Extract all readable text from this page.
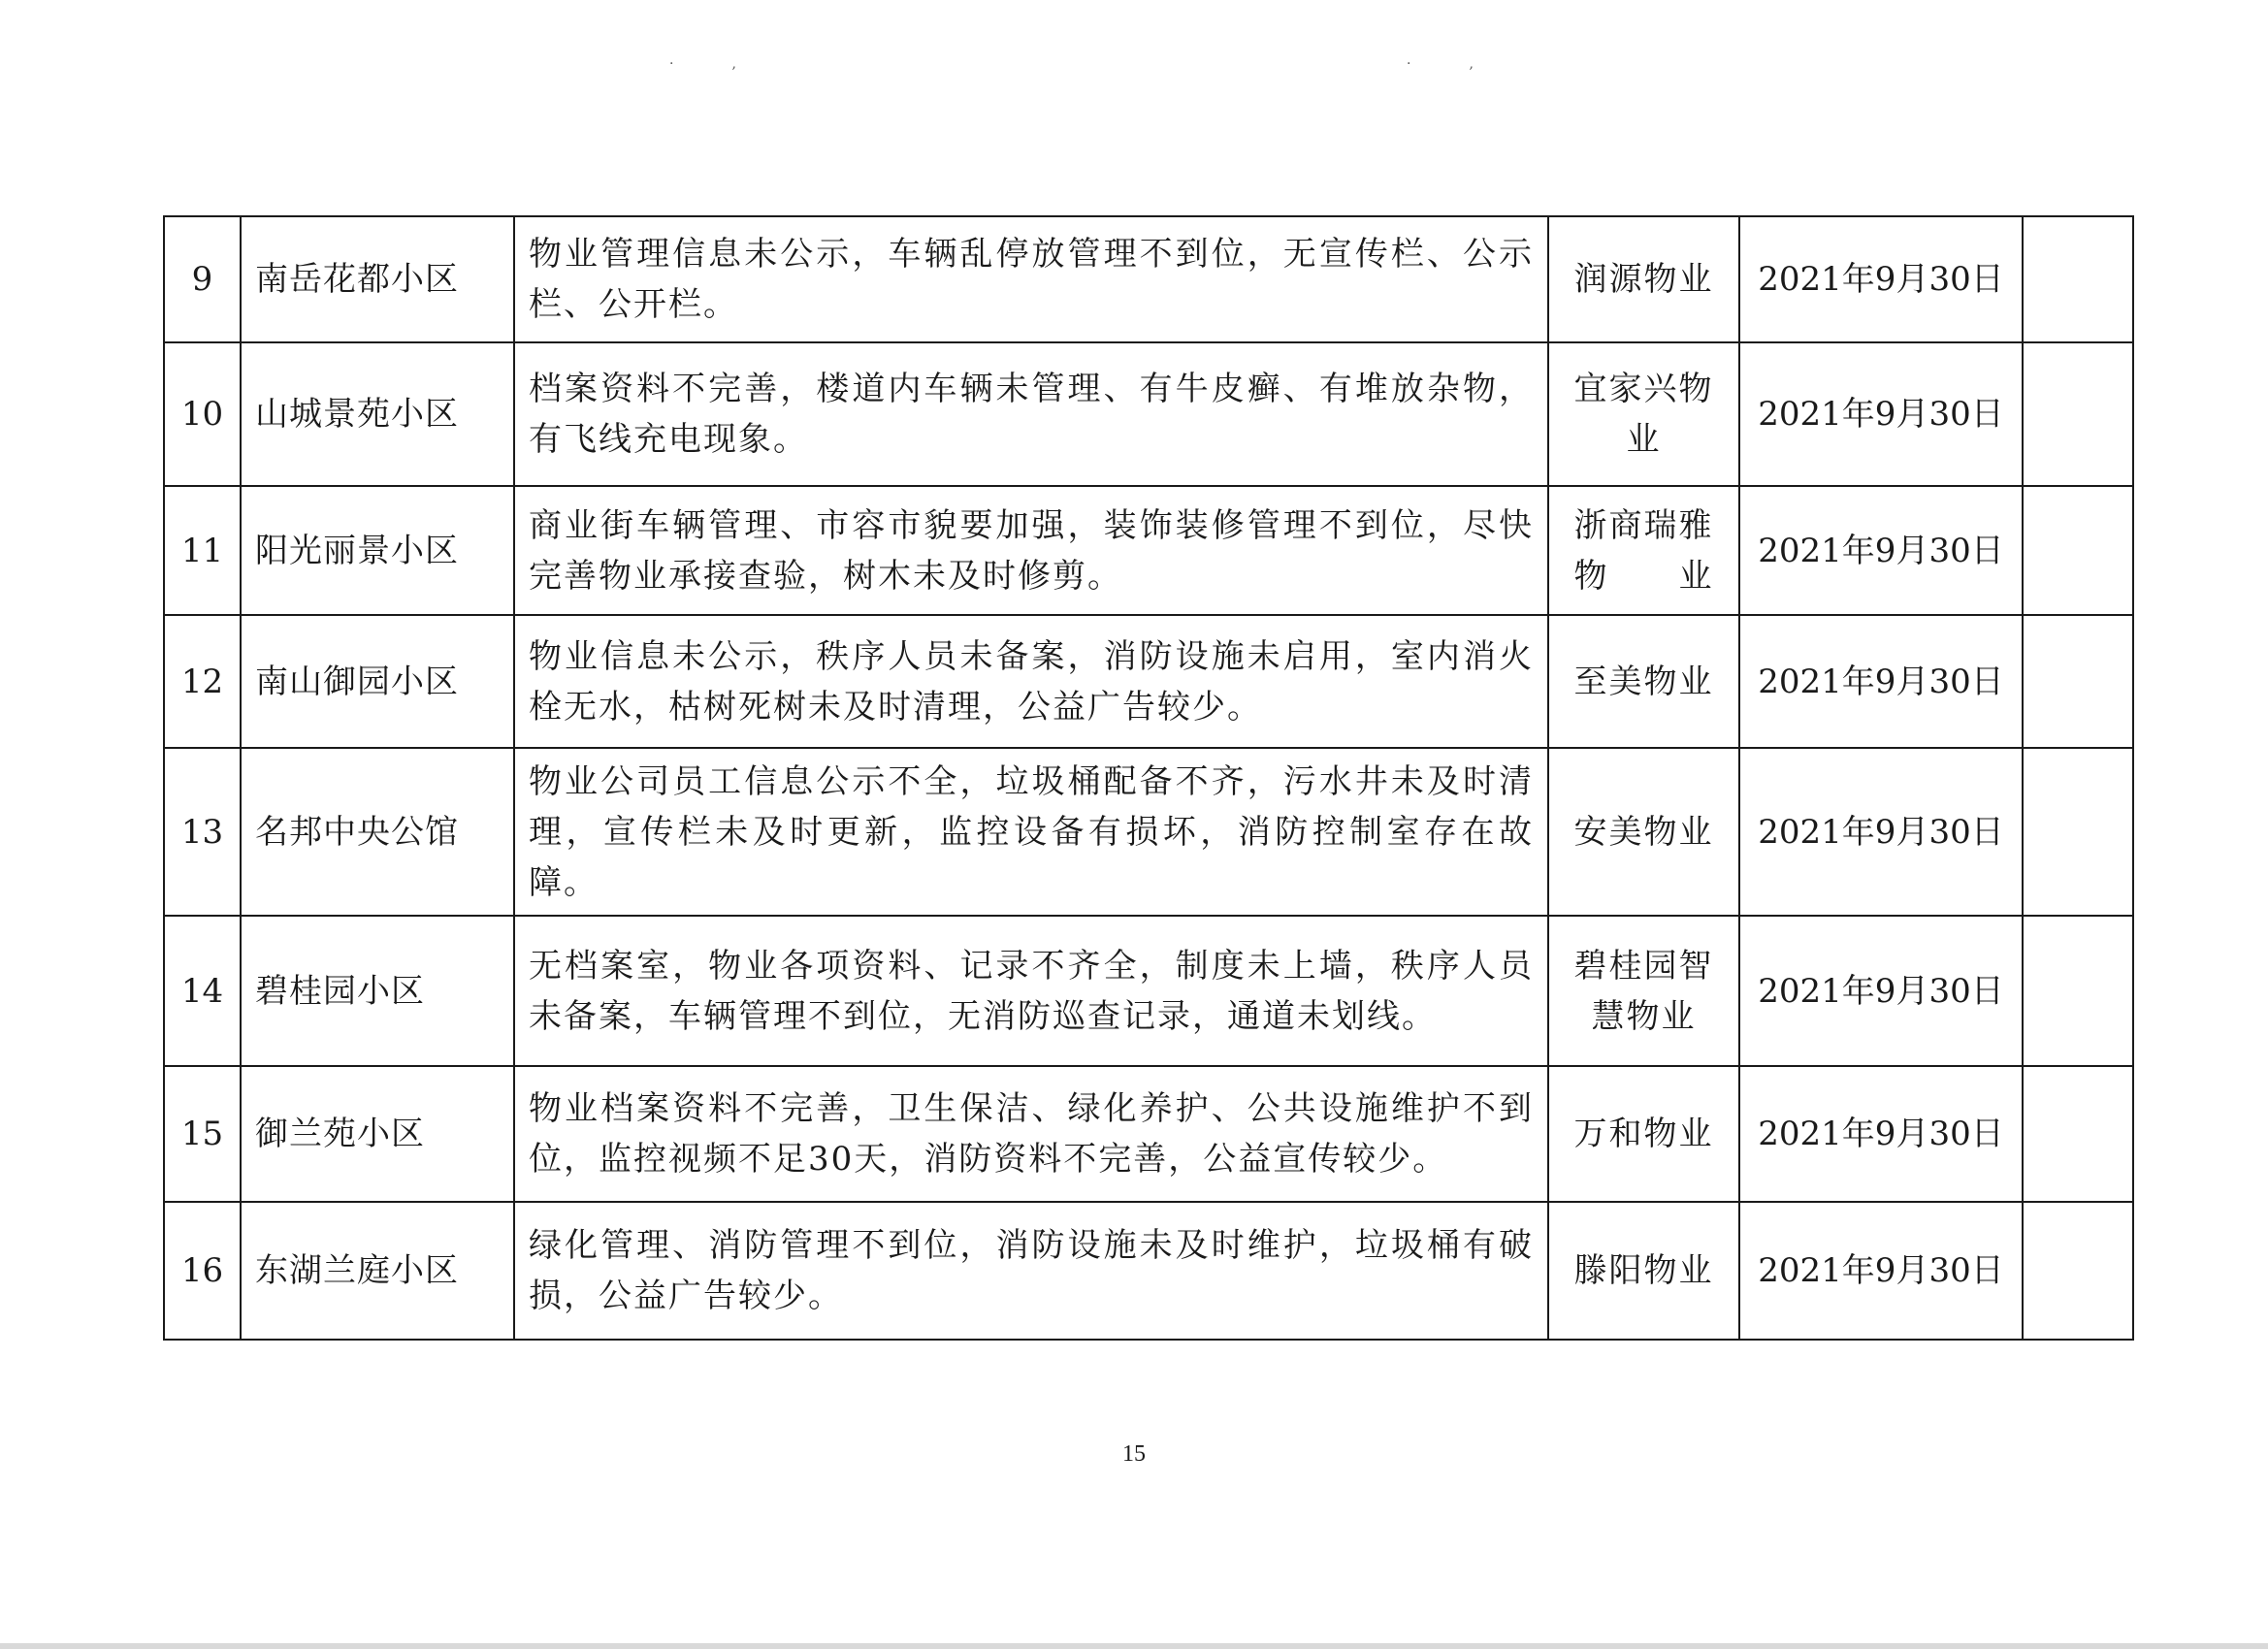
·,	·,
9	南岳花都小区	物业管理信息未公示，车辆乱停放管理不到位，无宣传栏、公示栏、公开栏。	润源物业	2021年9月30日	
10	山城景苑小区	档案资料不完善，楼道内车辆未管理、有牛皮癣、有堆放杂物，有飞线充电现象。	宜家兴物　业	2021年9月30日	
11	阳光丽景小区	商业街车辆管理、市容市貌要加强，装饰装修管理不到位，尽快完善物业承接查验，树木未及时修剪。	浙商瑞雅物　　业	2021年9月30日	
12	南山御园小区	物业信息未公示，秩序人员未备案，消防设施未启用，室内消火栓无水，枯树死树未及时清理，公益广告较少。	至美物业	2021年9月30日	
13	名邦中央公馆	物业公司员工信息公示不全，垃圾桶配备不齐，污水井未及时清理，宣传栏未及时更新，监控设备有损坏，消防控制室存在故障。	安美物业	2021年9月30日	
14	碧桂园小区	无档案室，物业各项资料、记录不齐全，制度未上墙，秩序人员未备案，车辆管理不到位，无消防巡查记录，通道未划线。	碧桂园智慧物业	2021年9月30日	
15	御兰苑小区	物业档案资料不完善，卫生保洁、绿化养护、公共设施维护不到位，监控视频不足30天，消防资料不完善，公益宣传较少。	万和物业	2021年9月30日	
16	东湖兰庭小区	绿化管理、消防管理不到位，消防设施未及时维护，垃圾桶有破损，公益广告较少。	滕阳物业	2021年9月30日	
15
